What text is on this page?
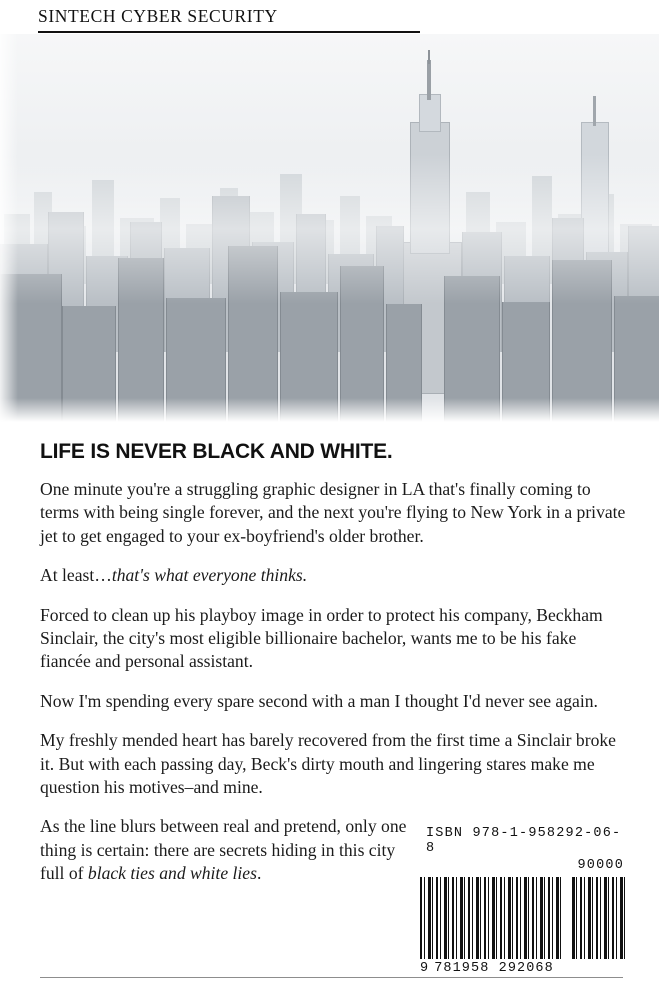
SINTECH CYBER SECURITY

LIFE IS NEVER BLACK AND WHITE.

One minute you're a struggling graphic designer in LA that's finally coming to terms with being single forever, and the next you're flying to New York in a private jet to get engaged to your ex-boyfriend's older brother.

At least…that's what everyone thinks.

Forced to clean up his playboy image in order to protect his company, Beckham Sinclair, the city's most eligible billionaire bachelor, wants me to be his fake fiancée and personal assistant.

Now I'm spending every spare second with a man I thought I'd never see again.

My freshly mended heart has barely recovered from the first time a Sinclair broke it. But with each passing day, Beck's dirty mouth and lingering stares make me question his motives–and mine.

As the line blurs between real and pretend, only one thing is certain: there are secrets hiding in this city full of black ties and white lies.

ISBN 978-1-958292-06-8
90000
9 781958 292068
